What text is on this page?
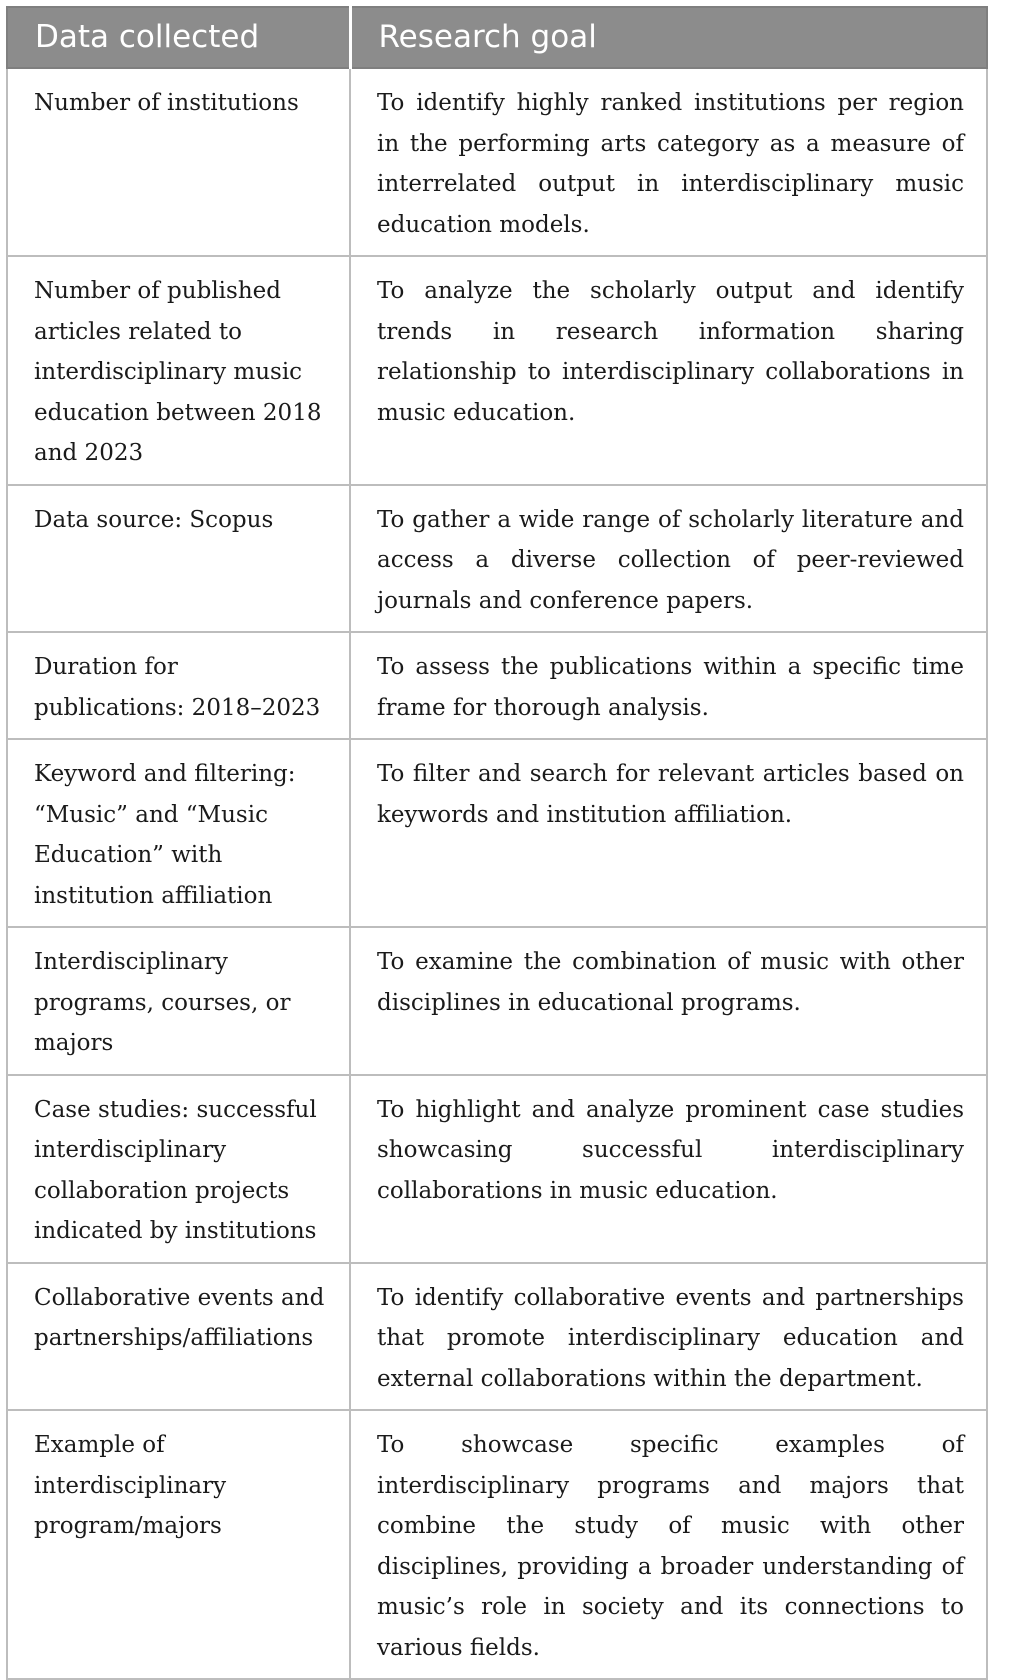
Data collected	Research goal
Number of institutions	To identify highly ranked institutions per region in the performing arts category as a measure of interrelated output in interdisciplinary music education models.
Number of published articles related to interdisciplinary music education between 2018 and 2023	To analyze the scholarly output and identify trends in research information sharing relationship to interdisciplinary collaborations in music education.
Data source: Scopus	To gather a wide range of scholarly literature and access a diverse collection of peer-reviewed journals and conference papers.
Duration for publications: 2018–2023	To assess the publications within a specific time frame for thorough analysis.
Keyword and filtering: “Music” and “Music Education” with institution affiliation	To filter and search for relevant articles based on keywords and institution affiliation.
Interdisciplinary programs, courses, or majors	To examine the combination of music with other disciplines in educational programs.
Case studies: successful interdisciplinary collaboration projects indicated by institutions	To highlight and analyze prominent case studies showcasing successful interdisciplinary collaborations in music education.
Collaborative events and partnerships/affiliations	To identify collaborative events and partnerships that promote interdisciplinary education and external collaborations within the department.
Example of interdisciplinary program/majors	To showcase specific examples of interdisciplinary programs and majors that combine the study of music with other disciplines, providing a broader understanding of music’s role in society and its connections to various fields.
